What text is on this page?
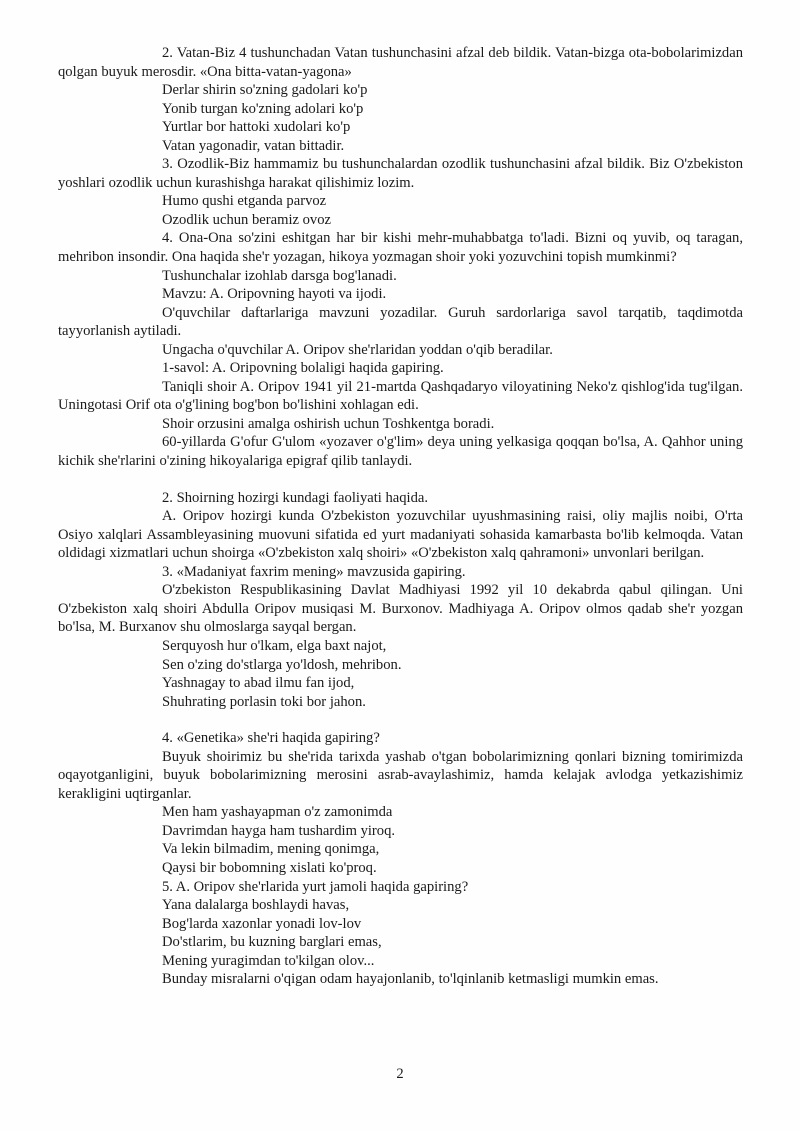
2. Vatan-Biz 4 tushunchadan Vatan tushunchasini afzal deb bildik. Vatan-bizga ota-bobolarimizdan qolgan buyuk merosdir. «Ona bitta-vatan-yagona»

Derlar shirin so'zning gadolari ko'p

Yonib turgan ko'zning adolari ko'p

Yurtlar bor hattoki xudolari ko'p

Vatan yagonadir, vatan bittadir.

3. Ozodlik-Biz hammamiz bu tushunchalardan ozodlik tushunchasini afzal bildik. Biz O'zbekiston yoshlari ozodlik uchun kurashishga harakat qilishimiz lozim.

Humo qushi etganda parvoz

Ozodlik uchun beramiz ovoz

4. Ona-Ona so'zini eshitgan har bir kishi mehr-muhabbatga to'ladi. Bizni oq yuvib, oq taragan, mehribon insondir. Ona haqida she'r yozagan, hikoya yozmagan shoir yoki yozuvchini topish mumkinmi?

Tushunchalar izohlab darsga bog'lanadi.

Mavzu: A. Oripovning hayoti va ijodi.

O'quvchilar daftarlariga mavzuni yozadilar. Guruh sardorlariga savol tarqatib, taqdimotda tayyorlanish aytiladi.

Ungacha o'quvchilar A. Oripov she'rlaridan yoddan o'qib beradilar.

1-savol: A. Oripovning bolaligi haqida gapiring.

Taniqli shoir A. Oripov 1941 yil 21-martda Qashqadaryo viloyatining Neko'z qishlog'ida tug'ilgan. Uningotasi Orif ota o'g'lining bog'bon bo'lishini xohlagan edi.

Shoir orzusini amalga oshirish uchun Toshkentga boradi.

60-yillarda G'ofur G'ulom «yozaver o'g'lim» deya uning yelkasiga qoqqan bo'lsa, A. Qahhor uning kichik she'rlarini o'zining hikoyalariga epigraf qilib tanlaydi.

2. Shoirning hozirgi kundagi faoliyati haqida.

A. Oripov hozirgi kunda O'zbekiston yozuvchilar uyushmasining raisi, oliy majlis noibi, O'rta Osiyo xalqlari Assambleyasining muovuni sifatida ed yurt madaniyati sohasida kamarbasta bo'lib kelmoqda. Vatan oldidagi xizmatlari uchun shoirga «O'zbekiston xalq shoiri» «O'zbekiston xalq qahramoni» unvonlari berilgan.

3. «Madaniyat faxrim mening» mavzusida gapiring.

O'zbekiston Respublikasining Davlat Madhiyasi 1992 yil 10 dekabrda qabul qilingan. Uni O'zbekiston xalq shoiri Abdulla Oripov musiqasi M. Burxonov. Madhiyaga A. Oripov olmos qadab she'r yozgan bo'lsa, M. Burxanov shu olmoslarga sayqal bergan.

Serquyosh hur o'lkam, elga baxt najot,

Sen o'zing do'stlarga yo'ldosh, mehribon.

Yashnagay to abad ilmu fan ijod,

Shuhrating porlasin toki bor jahon.

4. «Genetika» she'ri haqida gapiring?

Buyuk shoirimiz bu she'rida tarixda yashab o'tgan bobolarimizning qonlari bizning tomirimizda oqayotganligini, buyuk bobolarimizning merosini asrab-avaylashimiz, hamda kelajak avlodga yetkazishimiz kerakligini uqtirganlar.

Men ham yashayapman o'z zamonimda

Davrimdan hayga ham tushardim yiroq.

Va lekin bilmadim, mening qonimga,

Qaysi bir bobomning xislati ko'proq.

5. A. Oripov she'rlarida yurt jamoli haqida gapiring?

Yana dalalarga boshlaydi havas,

Bog'larda xazonlar yonadi lov-lov

Do'stlarim, bu kuzning barglari emas,

Mening yuragimdan to'kilgan olov...

Bunday misralarni o'qigan odam hayajonlanib, to'lqinlanib ketmasligi mumkin emas.

2
